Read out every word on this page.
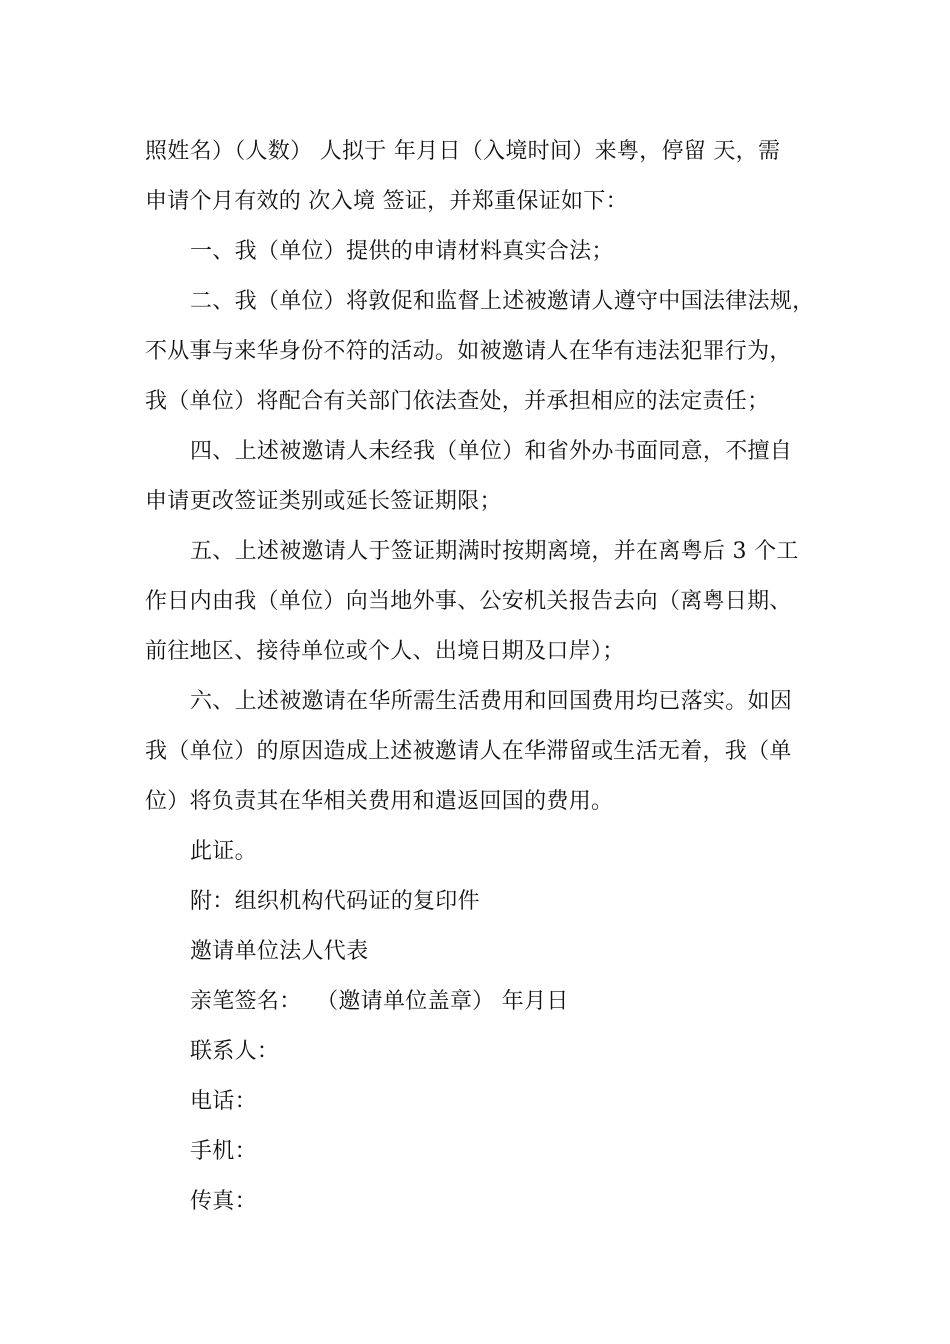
照姓名）（人数） 人拟于 年月日（入境时间）来粤，停留 天，需
申请个月有效的 次入境 签证，并郑重保证如下：
一、我（单位）提供的申请材料真实合法；
二、我（单位）将敦促和监督上述被邀请人遵守中国法律法规，
不从事与来华身份不符的活动。如被邀请人在华有违法犯罪行为，
我（单位）将配合有关部门依法查处，并承担相应的法定责任；
四、上述被邀请人未经我（单位）和省外办书面同意，不擅自
申请更改签证类别或延长签证期限；
五、上述被邀请人于签证期满时按期离境，并在离粤后 3 个工
作日内由我（单位）向当地外事、公安机关报告去向（离粤日期、
前往地区、接待单位或个人、出境日期及口岸）；
六、上述被邀请在华所需生活费用和回国费用均已落实。如因
我（单位）的原因造成上述被邀请人在华滞留或生活无着，我（单
位）将负责其在华相关费用和遣返回国的费用。
此证。
附：组织机构代码证的复印件
邀请单位法人代表
亲笔签名：  （邀请单位盖章） 年月日
联系人：
电话：
手机：
传真：
